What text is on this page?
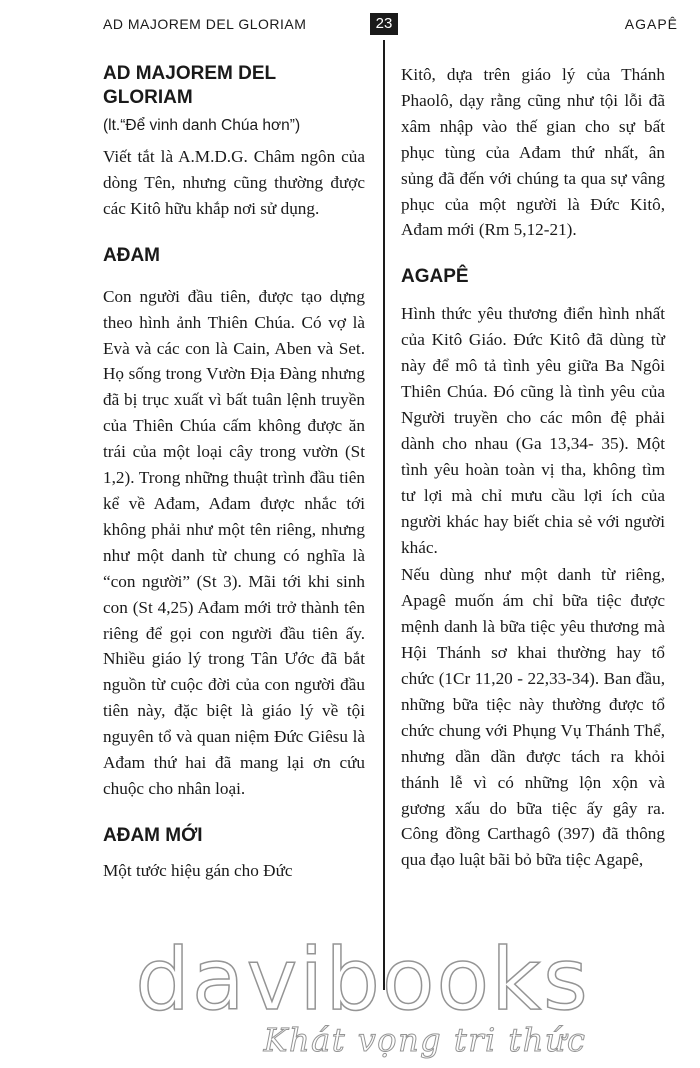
AD MAJOREM DEL GLORIAM	23	AGAPÊ
AD MAJOREM DEL GLORIAM

(lt.“Để vinh danh Chúa hơn”)

Viết tắt là A.M.D.G. Châm ngôn của dòng Tên, nhưng cũng thường được các Kitô hữu khắp nơi sử dụng.

AĐAM

Con người đầu tiên, được tạo dựng theo hình ảnh Thiên Chúa. Có vợ là Evà và các con là Cain, Aben và Set. Họ sống trong Vườn Địa Đàng nhưng đã bị trục xuất vì bất tuân lệnh truyền của Thiên Chúa cấm không được ăn trái của một loại cây trong vườn (St 1,2). Trong những thuật trình đầu tiên kể về Ađam, Ađam được nhắc tới không phải như một tên riêng, nhưng như một danh từ chung có nghĩa là “con người” (St 3). Mãi tới khi sinh con (St 4,25) Ađam mới trở thành tên riêng để gọi con người đầu tiên ấy. Nhiều giáo lý trong Tân Ước đã bắt nguồn từ cuộc đời của con người đầu tiên này, đặc biệt là giáo lý về tội nguyên tổ và quan niệm Đức Giêsu là Ađam thứ hai đã mang lại ơn cứu chuộc cho nhân loại.

AĐAM MỚI

Một tước hiệu gán cho Đức

Kitô, dựa trên giáo lý của Thánh Phaolô, dạy rằng cũng như tội lỗi đã xâm nhập vào thế gian cho sự bất phục tùng của Ađam thứ nhất, ân sủng đã đến với chúng ta qua sự vâng phục của một người là Đức Kitô, Ađam mới (Rm 5,12-21).

AGAPÊ

Hình thức yêu thương điển hình nhất của Kitô Giáo. Đức Kitô đã dùng từ này để mô tả tình yêu giữa Ba Ngôi Thiên Chúa. Đó cũng là tình yêu của Người truyền cho các môn đệ phải dành cho nhau (Ga 13,34- 35). Một tình yêu hoàn toàn vị tha, không tìm tư lợi mà chỉ mưu cầu lợi ích của người khác hay biết chia sẻ với người khác.

Nếu dùng như một danh từ riêng, Apagê muốn ám chỉ bữa tiệc được mệnh danh là bữa tiệc yêu thương mà Hội Thánh sơ khai thường hay tổ chức (1Cr 11,20 - 22,33-34). Ban đầu, những bữa tiệc này thường được tổ chức chung với Phụng Vụ Thánh Thể, nhưng dần dần được tách ra khỏi thánh lễ vì có những lộn xộn và gương xấu do bữa tiệc ấy gây ra. Công đồng Carthagô (397) đã thông qua đạo luật bãi bỏ bữa tiệc Agapê,

davibooks
Khát vọng tri thức
